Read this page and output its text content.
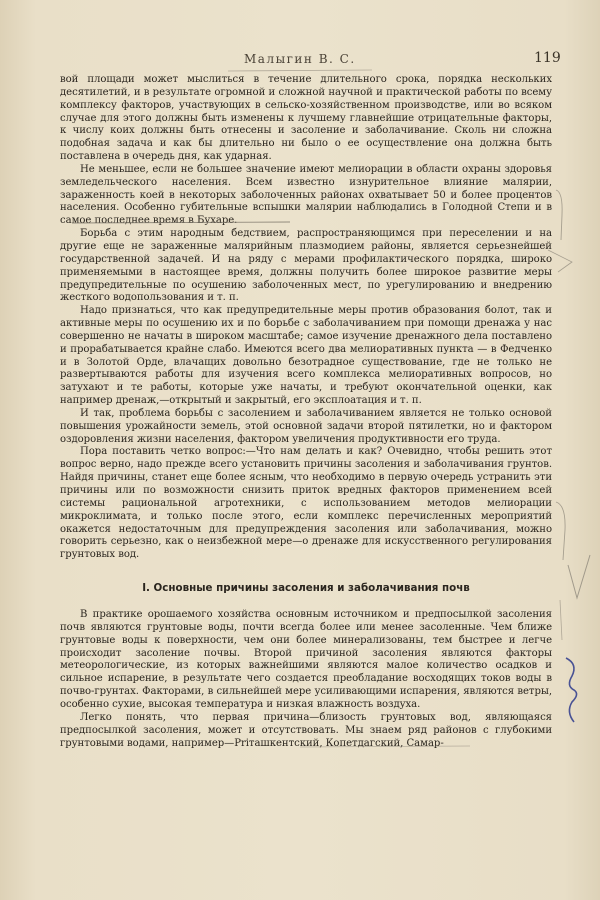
Малыгин В. С.	119

вой площади может мыслиться в течение длительного срока, порядка нескольких десятилетий, и в результате огромной и сложной научной и практической работы по всему комплексу факторов, участвующих в сельско-хозяйственном производстве, или во всяком случае для этого должны быть изменены к лучшему главнейшие отрицательные факторы, к числу коих должны быть отнесены и засоление и заболачивание. Сколь ни сложна подобная задача и как бы длительно ни было о ее осуществление она должна быть поставлена в очередь дня, как ударная.

Не меньшее, если не большее значение имеют мелиорации в области охраны здоровья земледельческого населения. Всем известно изнурительное влияние малярии, зараженность коей в некоторых заболоченных районах охватывает 50 и более процентов населения. Особенно губительные вспышки малярии наблюдались в Голодной Степи и в самое последнее время в Бухаре.

Борьба с этим народным бедствием, распространяющимся при переселении и на другие еще не зараженные малярийным плазмодием районы, является серьезнейшей государственной задачей. И на ряду с мерами профилактического порядка, широко применяемыми в настоящее время, должны получить более широкое развитие меры предупредительные по осушению заболоченных мест, по урегулированию и внедрению жесткого водопользования и т. п.

Надо признаться, что как предупредительные меры против образования болот, так и активные меры по осушению их и по борьбе с заболачиванием при помощи дренажа у нас совершенно не начаты в широком масштабе; самое изучение дренажного дела поставлено и прорабатывается крайне слабо. Имеются всего два мелиоративных пункта — в Федченко и в Золотой Орде, влачащих довольно безотрадное существование, где не только не развертываются работы для изучения всего комплекса мелиоративных вопросов, но затухают и те работы, которые уже начаты, и требуют окончательной оценки, как например дренаж,—открытый и закрытый, его эксплоатация и т. п.

И так, проблема борьбы с засолением и заболачиванием является не только основой повышения урожайности земель, этой основной задачи второй пятилетки, но и фактором оздоровления жизни населения, фактором увеличения продуктивности его труда.

Пора поставить четко вопрос:—Что нам делать и как? Очевидно, чтобы решить этот вопрос верно, надо прежде всего установить причины засоления и заболачивания грунтов. Найдя причины, станет еще более ясным, что необходимо в первую очередь устранить эти причины или по возможности снизить приток вредных факторов применением всей системы рациональной агротехники, с использованием методов мелиорации микроклимата, и только после этого, если комплекс перечисленных мероприятий окажется недостаточным для предупреждения засоления или заболачивания, можно говорить серьезно, как о неизбежной мере—о дренаже для искусственного регулирования грунтовых вод.

I. Основные причины засоления и заболачивания почв

В практике орошаемого хозяйства основным источником и предпосылкой засоления почв являются грунтовые воды, почти всегда более или менее засоленные. Чем ближе грунтовые воды к поверхности, чем они более минерализованы, тем быстрее и легче происходит засоление почвы. Второй причиной засоления являются факторы метеорологические, из которых важнейшими являются малое количество осадков и сильное испарение, в результате чего создается преобладание восходящих токов воды в почво-грунтах. Факторами, в сильнейшей мере усиливающими испарения, являются ветры, особенно сухие, высокая температура и низкая влажность воздуха.

Легко понять, что первая причина—близость грунтовых вод, являющаяся предпосылкой засоления, может и отсутствовать. Мы знаем ряд районов с глубокими грунтовыми водами, например—Priташкентский, Копетдагский, Самар-
